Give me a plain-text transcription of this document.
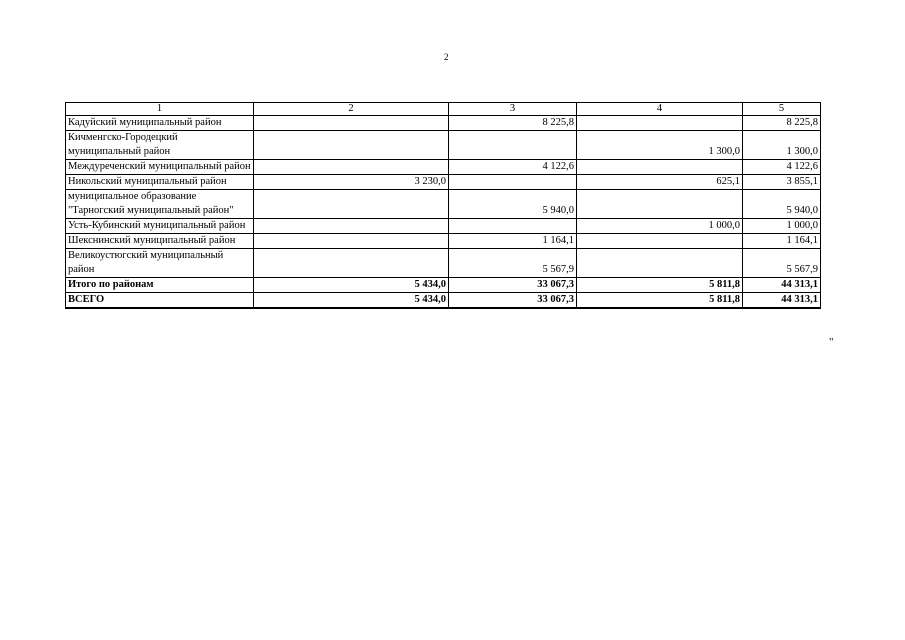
2
1	2	3	4	5
Кадуйский муниципальный район		8 225,8		8 225,8
Кичменгско-Городецкий муниципальный район			1 300,0	1 300,0
Междуреченский муниципальный район		4 122,6		4 122,6
Никольский муниципальный район	3 230,0		625,1	3 855,1
муниципальное образование "Тарногский муниципальный район"		5 940,0		5 940,0
Усть-Кубинский муниципальный район			1 000,0	1 000,0
Шекснинский муниципальный район		1 164,1		1 164,1
Великоустюгский муниципальный район		5 567,9		5 567,9
Итого по районам	5 434,0	33 067,3	5 811,8	44 313,1
ВСЕГО	5 434,0	33 067,3	5 811,8	44 313,1
"
